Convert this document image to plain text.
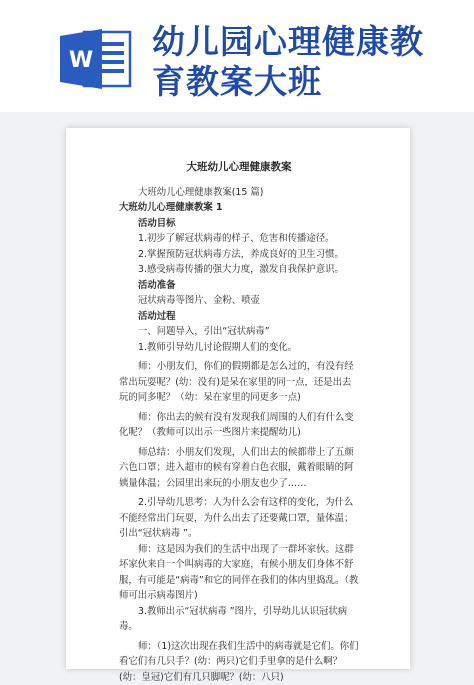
W 幼儿园心理健康教
育教案大班
大班幼儿心理健康教案
大班幼儿心理健康教案(15 篇)
大班幼儿心理健康教案 1
活动目标
1.初步了解冠状病毒的样子、危害和传播途径。
2.掌握预防冠状病毒方法，养成良好的卫生习惯。
3.感受病毒传播的强大力度，激发自我保护意识。
活动准备
冠状病毒等图片、金粉、喷壶
活动过程
一、问题导入，引出“冠状病毒”
1.教师引导幼儿讨论假期人们的变化。
师：小朋友们，你们的假期都是怎么过的，有没有经常出玩耍呢？(幼：没有)是呆在家里的同一点，还是出去玩的同多呢？（幼：呆在家里的同更多一点)
师：你出去的候有没有发现我们周围的人们有什么变化呢？（教师可以出示一些图片来提醒幼儿)
师总结：小朋友们发现，人们出去的候都带上了五颜六色口罩；进入超市的候有穿着白色衣服，戴着眼睛的阿姨量体温；公园里出来玩的小朋友也少了……
2.引导幼儿思考：人为什么会有这样的变化，为什么不能经常出门玩耍，为什么出去了还要戴口罩，量体温；引出“冠状病毒 ”。
师：这是因为我们的生活中出现了一群坏家伙。这群坏家伙来自一个叫病毒的大家庭，有候小朋友们身体不舒服，有可能是“病毒”和它的同伴在我们的体内里捣乱。（教师可出示病毒图片)
3.教师出示“冠状病毒 ”图片，引导幼儿认识冠状病毒。
师：（1)这次出现在我们生活中的病毒就是它们。你们看它们有几只手？(幼：两只)它们手里拿的是什么啊？(幼：皇冠)它们有几只脚呢？(幼：八只)
